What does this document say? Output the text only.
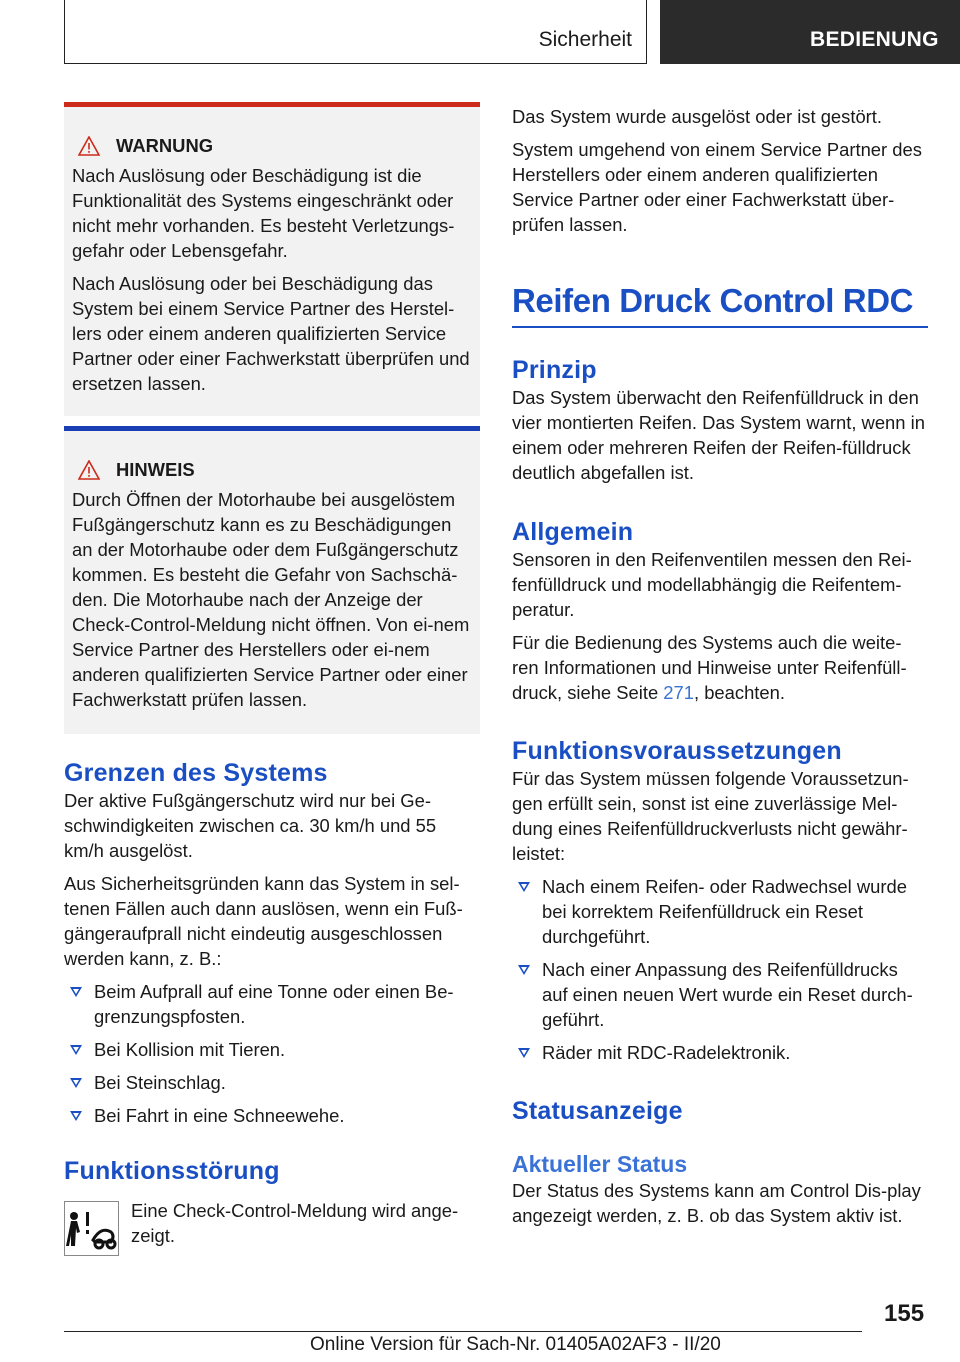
Sicherheit	BEDIENUNG
WARNUNG

Nach Auslösung oder Beschädigung ist die Funktionalität des Systems eingeschränkt oder nicht mehr vorhanden. Es besteht Verletzungs-gefahr oder Lebensgefahr.

Nach Auslösung oder bei Beschädigung das System bei einem Service Partner des Herstel-lers oder einem anderen qualifizierten Service Partner oder einer Fachwerkstatt überprüfen und ersetzen lassen.

HINWEIS

Durch Öffnen der Motorhaube bei ausgelöstem Fußgängerschutz kann es zu Beschädigungen an der Motorhaube oder dem Fußgängerschutz kommen. Es besteht die Gefahr von Sachschä-den. Die Motorhaube nach der Anzeige der Check-Control-Meldung nicht öffnen. Von ei-nem Service Partner des Herstellers oder ei-nem anderen qualifizierten Service Partner oder einer Fachwerkstatt prüfen lassen.

Grenzen des Systems

Der aktive Fußgängerschutz wird nur bei Ge-schwindigkeiten zwischen ca. 30 km/h und 55 km/h ausgelöst.

Aus Sicherheitsgründen kann das System in sel-tenen Fällen auch dann auslösen, wenn ein Fuß-gängeraufprall nicht eindeutig ausgeschlossen werden kann, z. B.:

Beim Aufprall auf eine Tonne oder einen Be-grenzungspfosten.
Bei Kollision mit Tieren.
Bei Steinschlag.
Bei Fahrt in eine Schneewehe.
Funktionsstörung

Eine Check-Control-Meldung wird ange-zeigt.

Das System wurde ausgelöst oder ist gestört.

System umgehend von einem Service Partner des Herstellers oder einem anderen qualifizierten Service Partner oder einer Fachwerkstatt über-prüfen lassen.

Reifen Druck Control RDC
Prinzip

Das System überwacht den Reifenfülldruck in den vier montierten Reifen. Das System warnt, wenn in einem oder mehreren Reifen der Reifen-fülldruck deutlich abgefallen ist.

Allgemein

Sensoren in den Reifenventilen messen den Rei-fenfülldruck und modellabhängig die Reifentem-peratur.

Für die Bedienung des Systems auch die weite-ren Informationen und Hinweise unter Reifenfüll-druck, siehe Seite 271, beachten.

Funktionsvoraussetzungen

Für das System müssen folgende Voraussetzun-gen erfüllt sein, sonst ist eine zuverlässige Mel-dung eines Reifenfülldruckverlusts nicht gewähr-leistet:

Nach einem Reifen- oder Radwechsel wurde bei korrektem Reifenfülldruck ein Reset durchgeführt.
Nach einer Anpassung des Reifenfülldrucks auf einen neuen Wert wurde ein Reset durch-geführt.
Räder mit RDC-Radelektronik.
Statusanzeige
Aktueller Status

Der Status des Systems kann am Control Dis-play angezeigt werden, z. B. ob das System aktiv ist.

155
Online Version für Sach-Nr. 01405A02AF3 - II/20
